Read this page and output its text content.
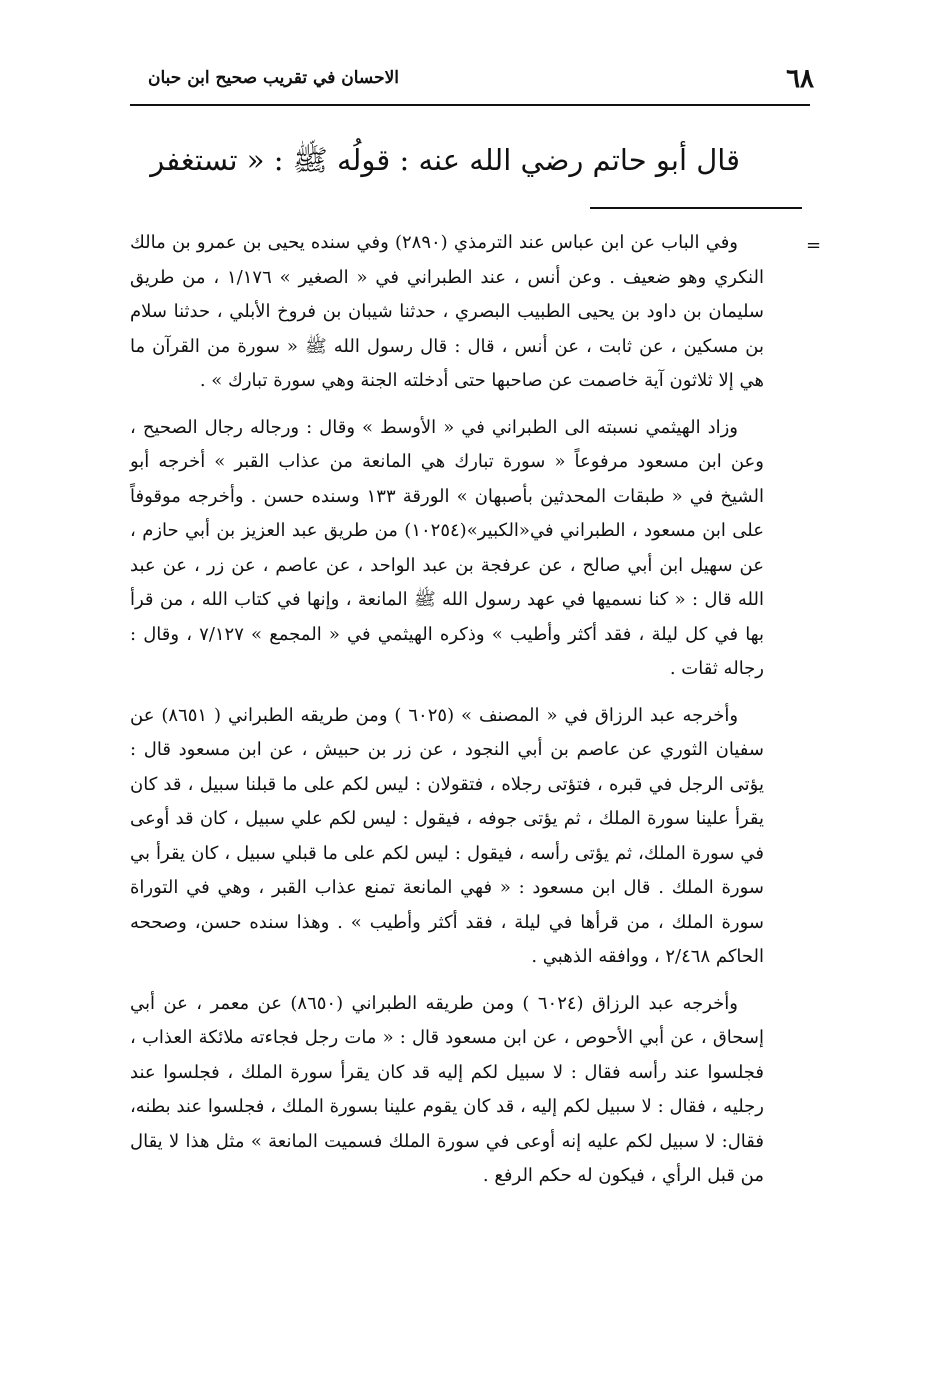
٦٨
الاحسان في تقريب صحيح ابن حبان
قال أبو حاتم رضي الله عنه : قولُه ﷺ : « تستغفر
=

وفي الباب عن ابن عباس عند الترمذي (٢٨٩٠) وفي سنده يحيى بن عمرو بن مالك النكري وهو ضعيف . وعن أنس ، عند الطبراني في « الصغير » ١/١٧٦ ، من طريق سليمان بن داود بن يحيى الطبيب البصري ، حدثنا شيبان بن فروخ الأبلي ، حدثنا سلام بن مسكين ، عن ثابت ، عن أنس ، قال : قال رسول الله ﷺ « سورة من القرآن ما هي إلا ثلاثون آية خاصمت عن صاحبها حتى أدخلته الجنة وهي سورة تبارك » .

وزاد الهيثمي نسبته الى الطبراني في « الأوسط » وقال : ورجاله رجال الصحيح ، وعن ابن مسعود مرفوعاً « سورة تبارك هي المانعة من عذاب القبر » أخرجه أبو الشيخ في « طبقات المحدثين بأصبهان » الورقة ١٣٣ وسنده حسن . وأخرجه موقوفاً على ابن مسعود ، الطبراني في«الكبير»(١٠٢٥٤) من طريق عبد العزيز بن أبي حازم ، عن سهيل ابن أبي صالح ، عن عرفجة بن عبد الواحد ، عن عاصم ، عن زر ، عن عبد الله قال : « كنا نسميها في عهد رسول الله ﷺ المانعة ، وإنها في كتاب الله ، من قرأ بها في كل ليلة ، فقد أكثر وأطيب » وذكره الهيثمي في « المجمع » ٧/١٢٧ ، وقال : رجاله ثقات .

وأخرجه عبد الرزاق في « المصنف » (٦٠٢٥ ) ومن طريقه الطبراني ( ٨٦٥١) عن سفيان الثوري عن عاصم بن أبي النجود ، عن زر بن حبيش ، عن ابن مسعود قال : يؤتى الرجل في قبره ، فتؤتى رجلاه ، فتقولان : ليس لكم على ما قبلنا سبيل ، قد كان يقرأ علينا سورة الملك ، ثم يؤتى جوفه ، فيقول : ليس لكم علي سبيل ، كان قد أوعى في سورة الملك، ثم يؤتى رأسه ، فيقول : ليس لكم على ما قبلي سبيل ، كان يقرأ بي سورة الملك . قال ابن مسعود : « فهي المانعة تمنع عذاب القبر ، وهي في التوراة سورة الملك ، من قرأها في ليلة ، فقد أكثر وأطيب » . وهذا سنده حسن، وصححه الحاكم ٢/٤٦٨ ، ووافقه الذهبي .

وأخرجه عبد الرزاق (٦٠٢٤ ) ومن طريقه الطبراني (٨٦٥٠) عن معمر ، عن أبي إسحاق ، عن أبي الأحوص ، عن ابن مسعود قال : « مات رجل فجاءته ملائكة العذاب ، فجلسوا عند رأسه فقال : لا سبيل لكم إليه قد كان يقرأ سورة الملك ، فجلسوا عند رجليه ، فقال : لا سبيل لكم إليه ، قد كان يقوم علينا بسورة الملك ، فجلسوا عند بطنه، فقال: لا سبيل لكم عليه إنه أوعى في سورة الملك فسميت المانعة » مثل هذا لا يقال من قبل الرأي ، فيكون له حكم الرفع .
